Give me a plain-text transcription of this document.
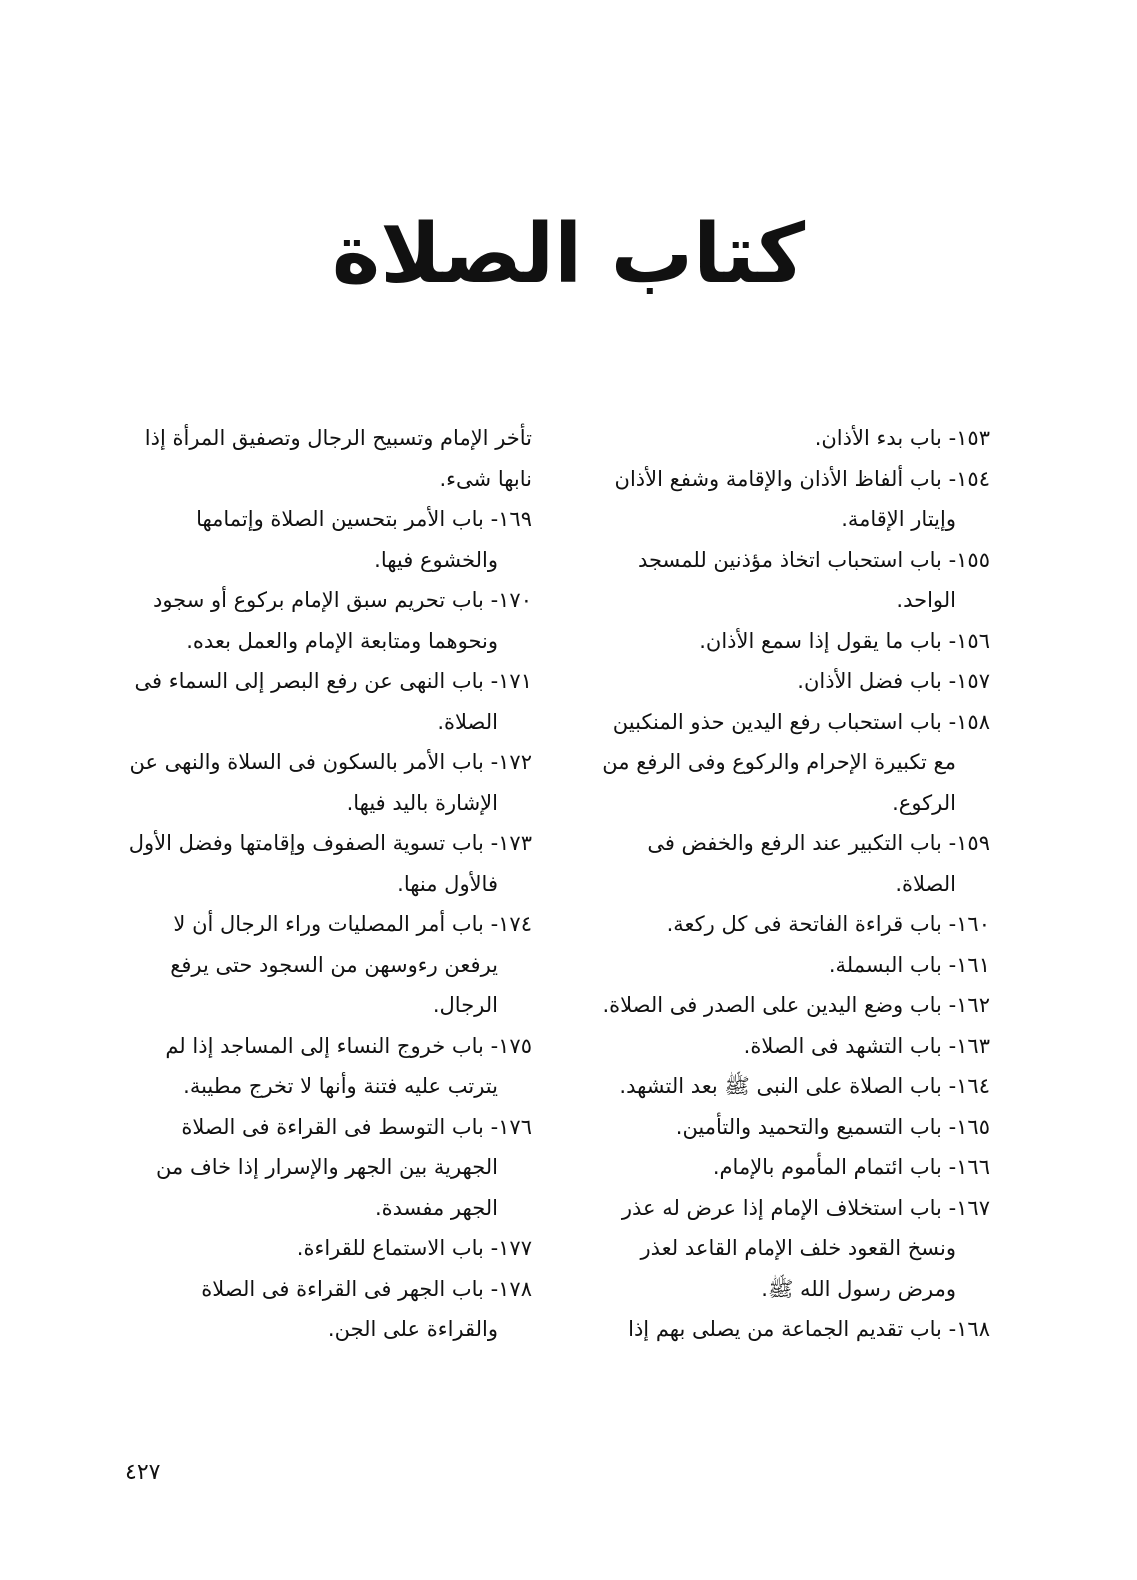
كتاب الصلاة

١٥٣- باب بدء الأذان.

١٥٤- باب ألفاظ الأذان والإقامة وشفع الأذان وإيتار الإقامة.

١٥٥- باب استحباب اتخاذ مؤذنين للمسجد الواحد.

١٥٦- باب ما يقول إذا سمع الأذان.

١٥٧- باب فضل الأذان.

١٥٨- باب استحباب رفع اليدين حذو المنكبين مع تكبيرة الإحرام والركوع وفى الرفع من الركوع.

١٥٩- باب التكبير عند الرفع والخفض فى الصلاة.

١٦٠- باب قراءة الفاتحة فى كل ركعة.

١٦١- باب البسملة.

١٦٢- باب وضع اليدين على الصدر فى الصلاة.

١٦٣- باب التشهد فى الصلاة.

١٦٤- باب الصلاة على النبى ﷺ بعد التشهد.

١٦٥- باب التسميع والتحميد والتأمين.

١٦٦- باب ائتمام المأموم بالإمام.

١٦٧- باب استخلاف الإمام إذا عرض له عذر ونسخ القعود خلف الإمام القاعد لعذر ومرض رسول الله ﷺ.

١٦٨- باب تقديم الجماعة من يصلى بهم إذا

تأخر الإمام وتسبيح الرجال وتصفيق المرأة إذا نابها شىء.

١٦٩- باب الأمر بتحسين الصلاة وإتمامها والخشوع فيها.

١٧٠- باب تحريم سبق الإمام بركوع أو سجود ونحوهما ومتابعة الإمام والعمل بعده.

١٧١- باب النهى عن رفع البصر إلى السماء فى الصلاة.

١٧٢- باب الأمر بالسكون فى السلاة والنهى عن الإشارة باليد فيها.

١٧٣- باب تسوية الصفوف وإقامتها وفضل الأول فالأول منها.

١٧٤- باب أمر المصليات وراء الرجال أن لا يرفعن رءوسهن من السجود حتى يرفع الرجال.

١٧٥- باب خروج النساء إلى المساجد إذا لم يترتب عليه فتنة وأنها لا تخرج مطيبة.

١٧٦- باب التوسط فى القراءة فى الصلاة الجهرية بين الجهر والإسرار إذا خاف من الجهر مفسدة.

١٧٧- باب الاستماع للقراءة.

١٧٨- باب الجهر فى القراءة فى الصلاة والقراءة على الجن.

٤٢٧
